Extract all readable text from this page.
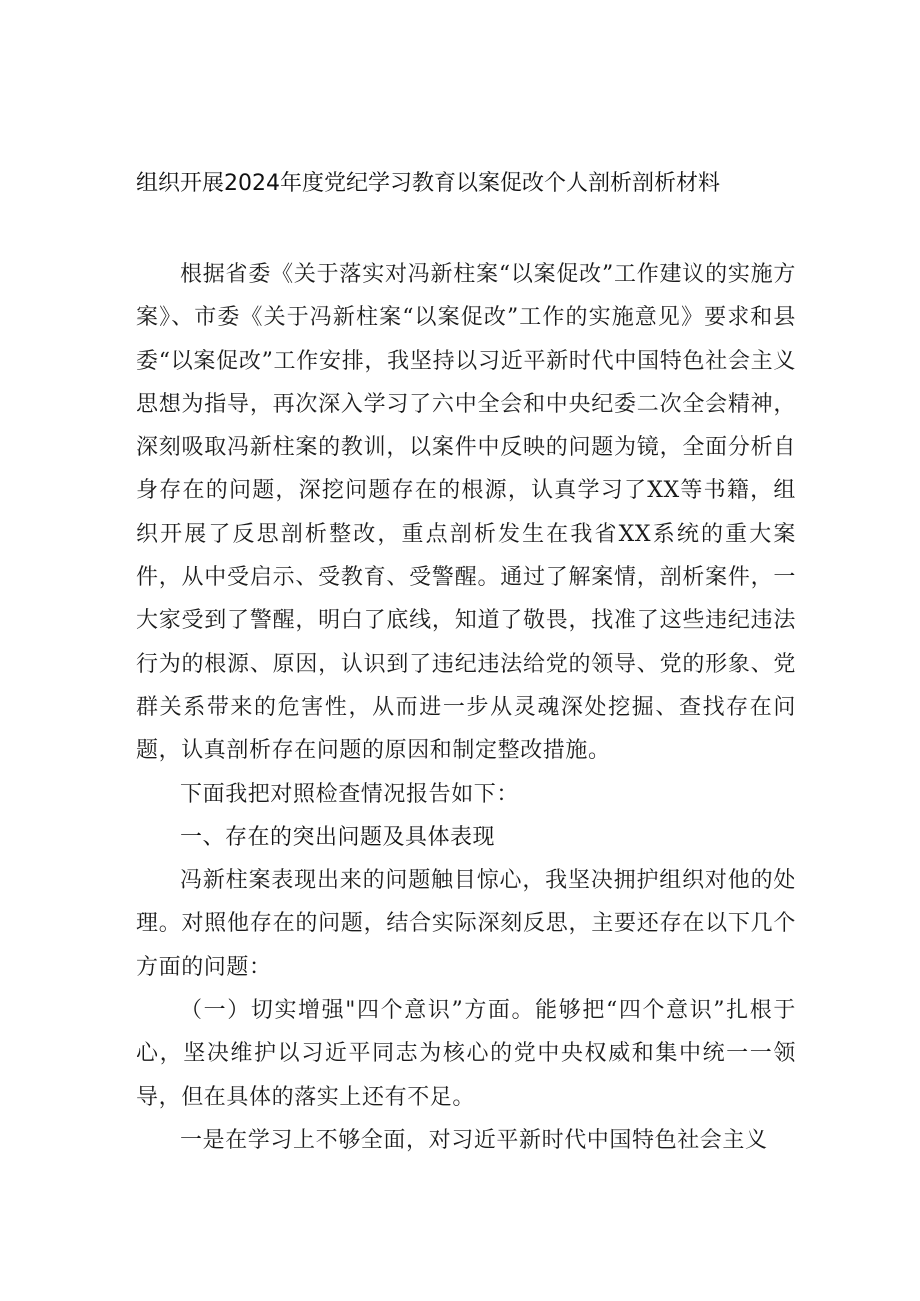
组织开展2024年度党纪学习教育以案促改个人剖析剖析材料

根据省委《关于落实对冯新柱案“以案促改”工作建议的实施方案》、市委《关于冯新柱案“以案促改”工作的实施意见》要求和县委“以案促改”工作安排，我坚持以习近平新时代中国特色社会主义思想为指导，再次深入学习了六中全会和中央纪委二次全会精神，深刻吸取冯新柱案的教训，以案件中反映的问题为镜，全面分析自身存在的问题，深挖问题存在的根源，认真学习了XX等书籍，组织开展了反思剖析整改，重点剖析发生在我省XX系统的重大案件，从中受启示、受教育、受警醒。通过了解案情，剖析案件，一大家受到了警醒，明白了底线，知道了敬畏，找准了这些违纪违法行为的根源、原因，认识到了违纪违法给党的领导、党的形象、党群关系带来的危害性，从而进一步从灵魂深处挖掘、查找存在问题，认真剖析存在问题的原因和制定整改措施。

下面我把对照检查情况报告如下：

一、存在的突出问题及具体表现

冯新柱案表现出来的问题触目惊心，我坚决拥护组织对他的处理。对照他存在的问题，结合实际深刻反思，主要还存在以下几个方面的问题：

（一）切实增强"四个意识”方面。能够把“四个意识”扎根于心，坚决维护以习近平同志为核心的党中央权威和集中统一一领导，但在具体的落实上还有不足。

一是在学习上不够全面，对习近平新时代中国特色社会主义
